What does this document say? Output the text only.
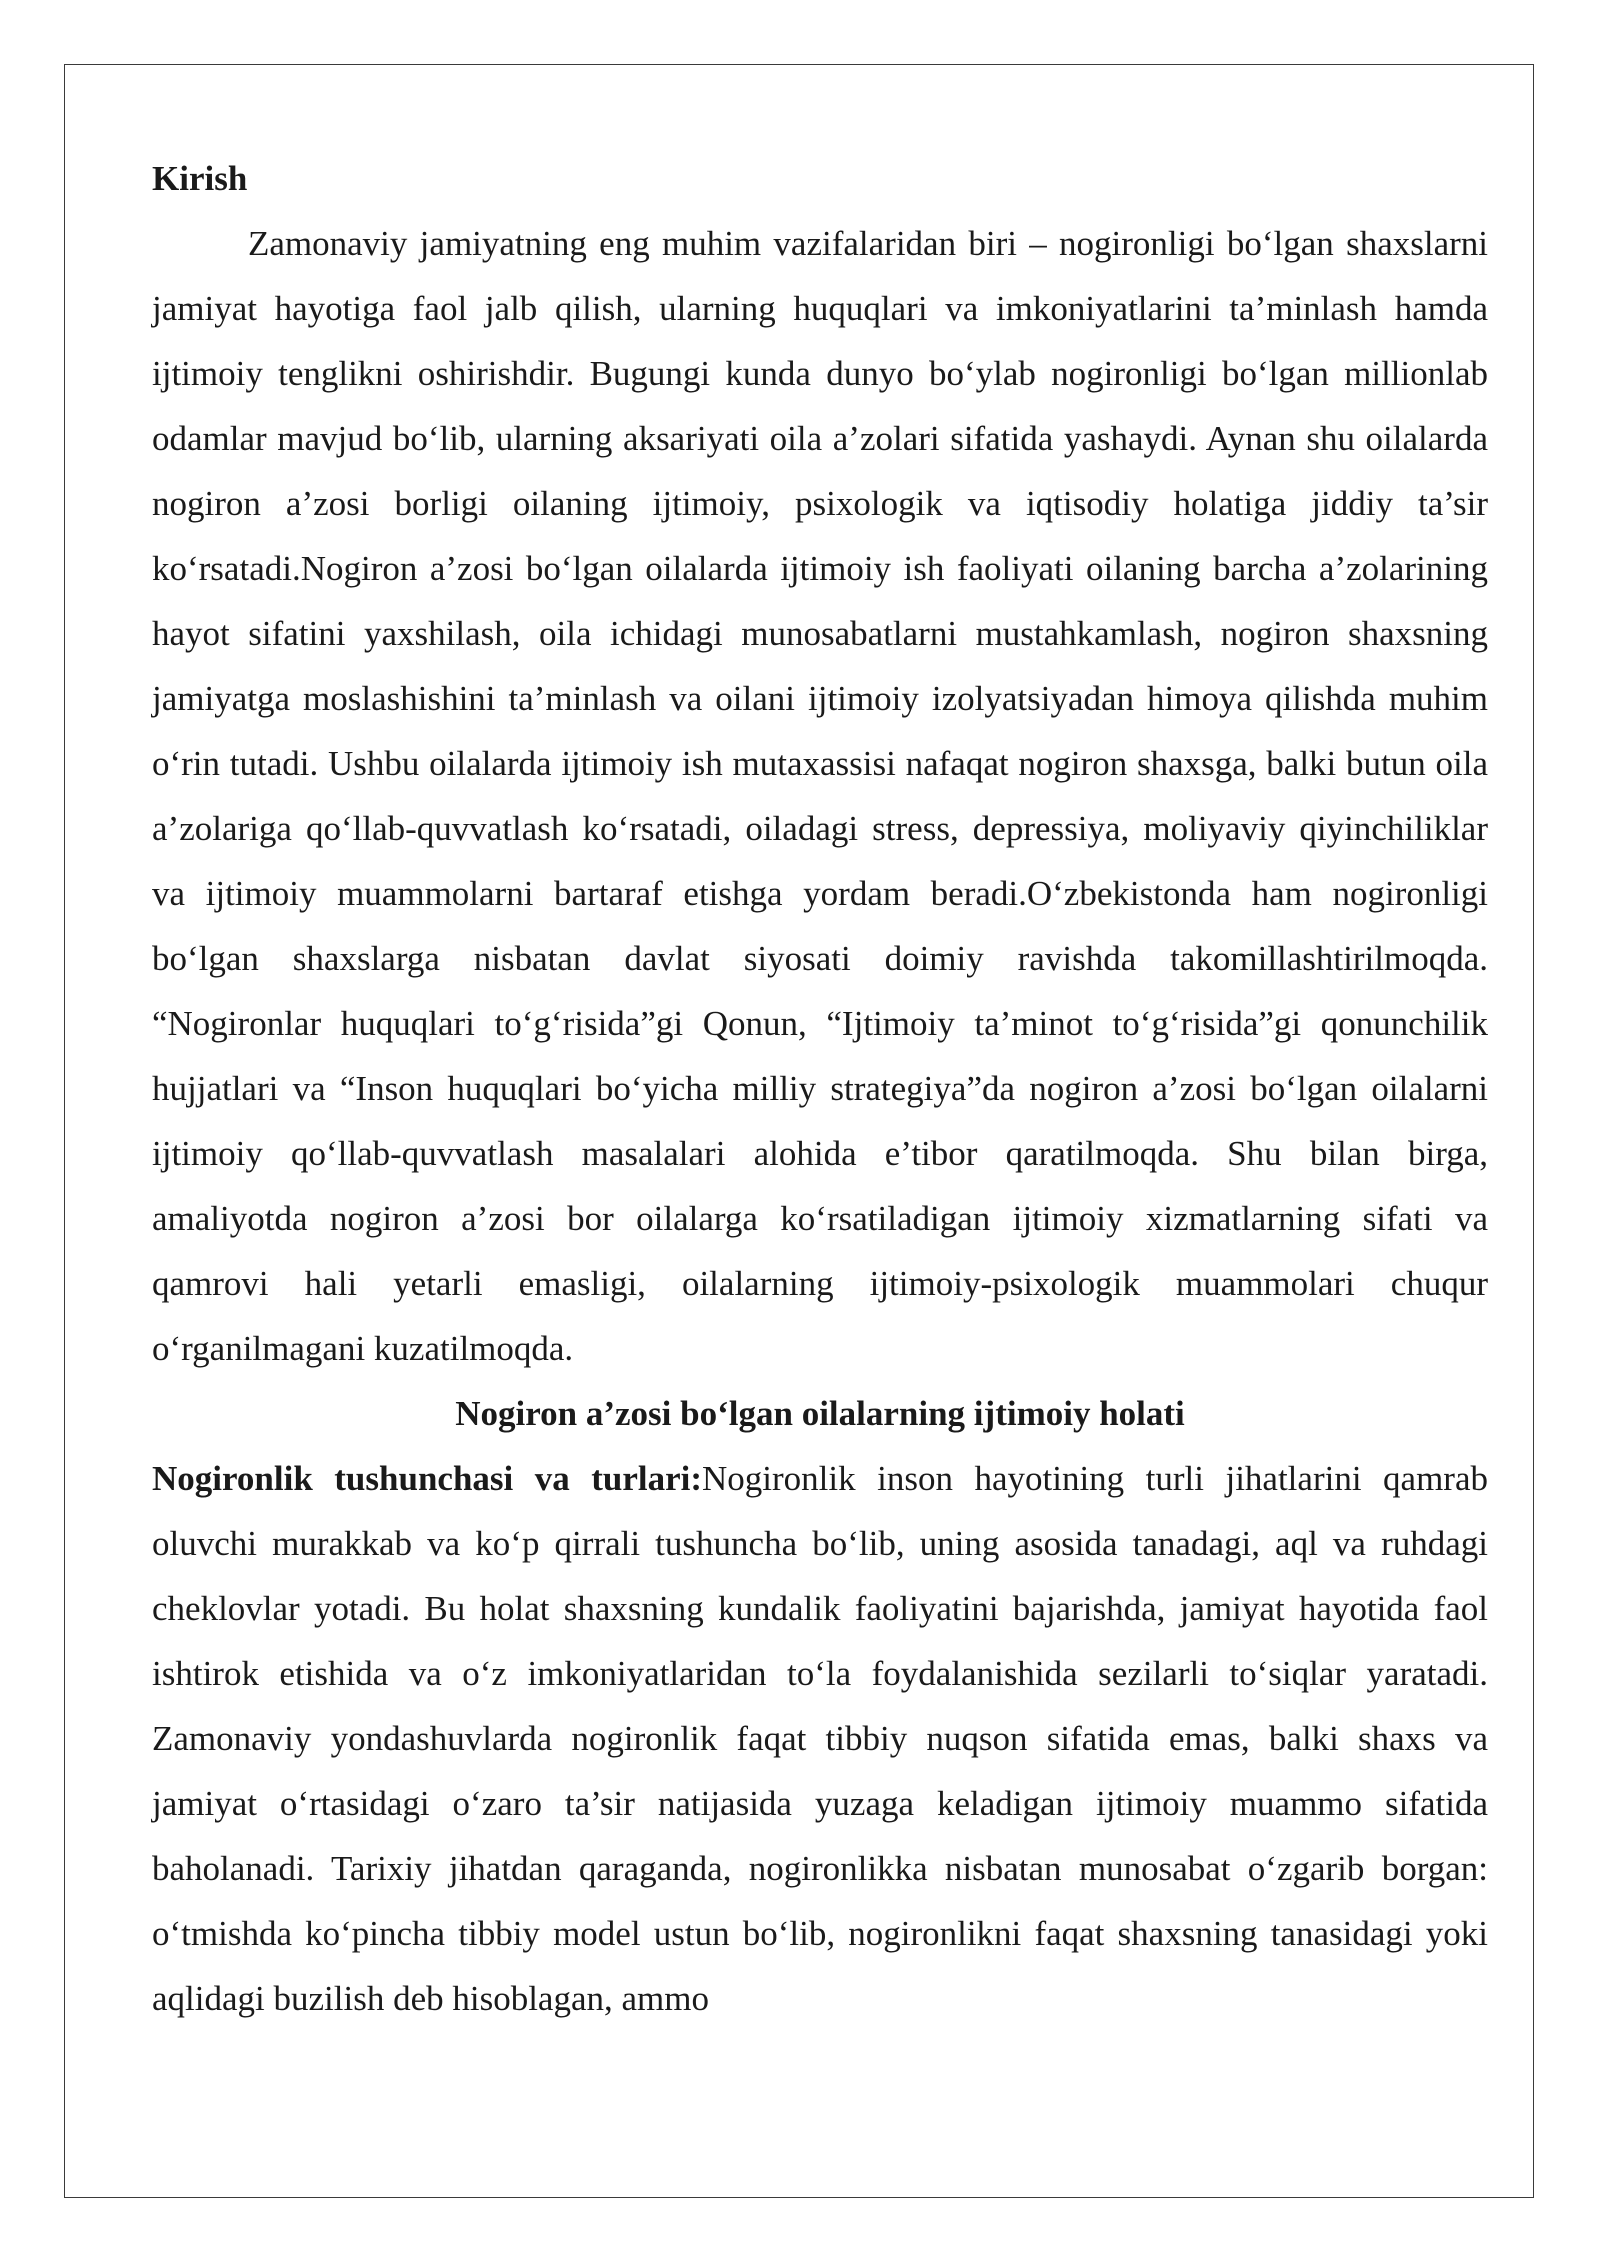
Kirish

Zamonaviy jamiyatning eng muhim vazifalaridan biri – nogironligi bo‘lgan shaxslarni jamiyat hayotiga faol jalb qilish, ularning huquqlari va imkoniyatlarini ta’minlash hamda ijtimoiy tenglikni oshirishdir. Bugungi kunda dunyo bo‘ylab nogironligi bo‘lgan millionlab odamlar mavjud bo‘lib, ularning aksariyati oila a’zolari sifatida yashaydi. Aynan shu oilalarda nogiron a’zosi borligi oilaning ijtimoiy, psixologik va iqtisodiy holatiga jiddiy ta’sir ko‘rsatadi.Nogiron a’zosi bo‘lgan oilalarda ijtimoiy ish faoliyati oilaning barcha a’zolarining hayot sifatini yaxshilash, oila ichidagi munosabatlarni mustahkamlash, nogiron shaxsning jamiyatga moslashishini ta’minlash va oilani ijtimoiy izolyatsiyadan himoya qilishda muhim o‘rin tutadi. Ushbu oilalarda ijtimoiy ish mutaxassisi nafaqat nogiron shaxsga, balki butun oila a’zolariga qo‘llab-quvvatlash ko‘rsatadi, oiladagi stress, depressiya, moliyaviy qiyinchiliklar va ijtimoiy muammolarni bartaraf etishga yordam beradi.O‘zbekistonda ham nogironligi bo‘lgan shaxslarga nisbatan davlat siyosati doimiy ravishda takomillashtirilmoqda. “Nogironlar huquqlari to‘g‘risida”gi Qonun, “Ijtimoiy ta’minot to‘g‘risida”gi qonunchilik hujjatlari va “Inson huquqlari bo‘yicha milliy strategiya”da nogiron a’zosi bo‘lgan oilalarni ijtimoiy qo‘llab-quvvatlash masalalari alohida e’tibor qaratilmoqda. Shu bilan birga, amaliyotda nogiron a’zosi bor oilalarga ko‘rsatiladigan ijtimoiy xizmatlarning sifati va qamrovi hali yetarli emasligi, oilalarning ijtimoiy-psixologik muammolari chuqur o‘rganilmagani kuzatilmoqda.

Nogiron a’zosi bo‘lgan oilalarning ijtimoiy holati

Nogironlik tushunchasi va turlari:Nogironlik inson hayotining turli jihatlarini qamrab oluvchi murakkab va ko‘p qirrali tushuncha bo‘lib, uning asosida tanadagi, aql va ruhdagi cheklovlar yotadi. Bu holat shaxsning kundalik faoliyatini bajarishda, jamiyat hayotida faol ishtirok etishida va o‘z imkoniyatlaridan to‘la foydalanishida sezilarli to‘siqlar yaratadi. Zamonaviy yondashuvlarda nogironlik faqat tibbiy nuqson sifatida emas, balki shaxs va jamiyat o‘rtasidagi o‘zaro ta’sir natijasida yuzaga keladigan ijtimoiy muammo sifatida baholanadi. Tarixiy jihatdan qaraganda, nogironlikka nisbatan munosabat o‘zgarib borgan: o‘tmishda ko‘pincha tibbiy model ustun bo‘lib, nogironlikni faqat shaxsning tanasidagi yoki aqlidagi buzilish deb hisoblagan, ammo
